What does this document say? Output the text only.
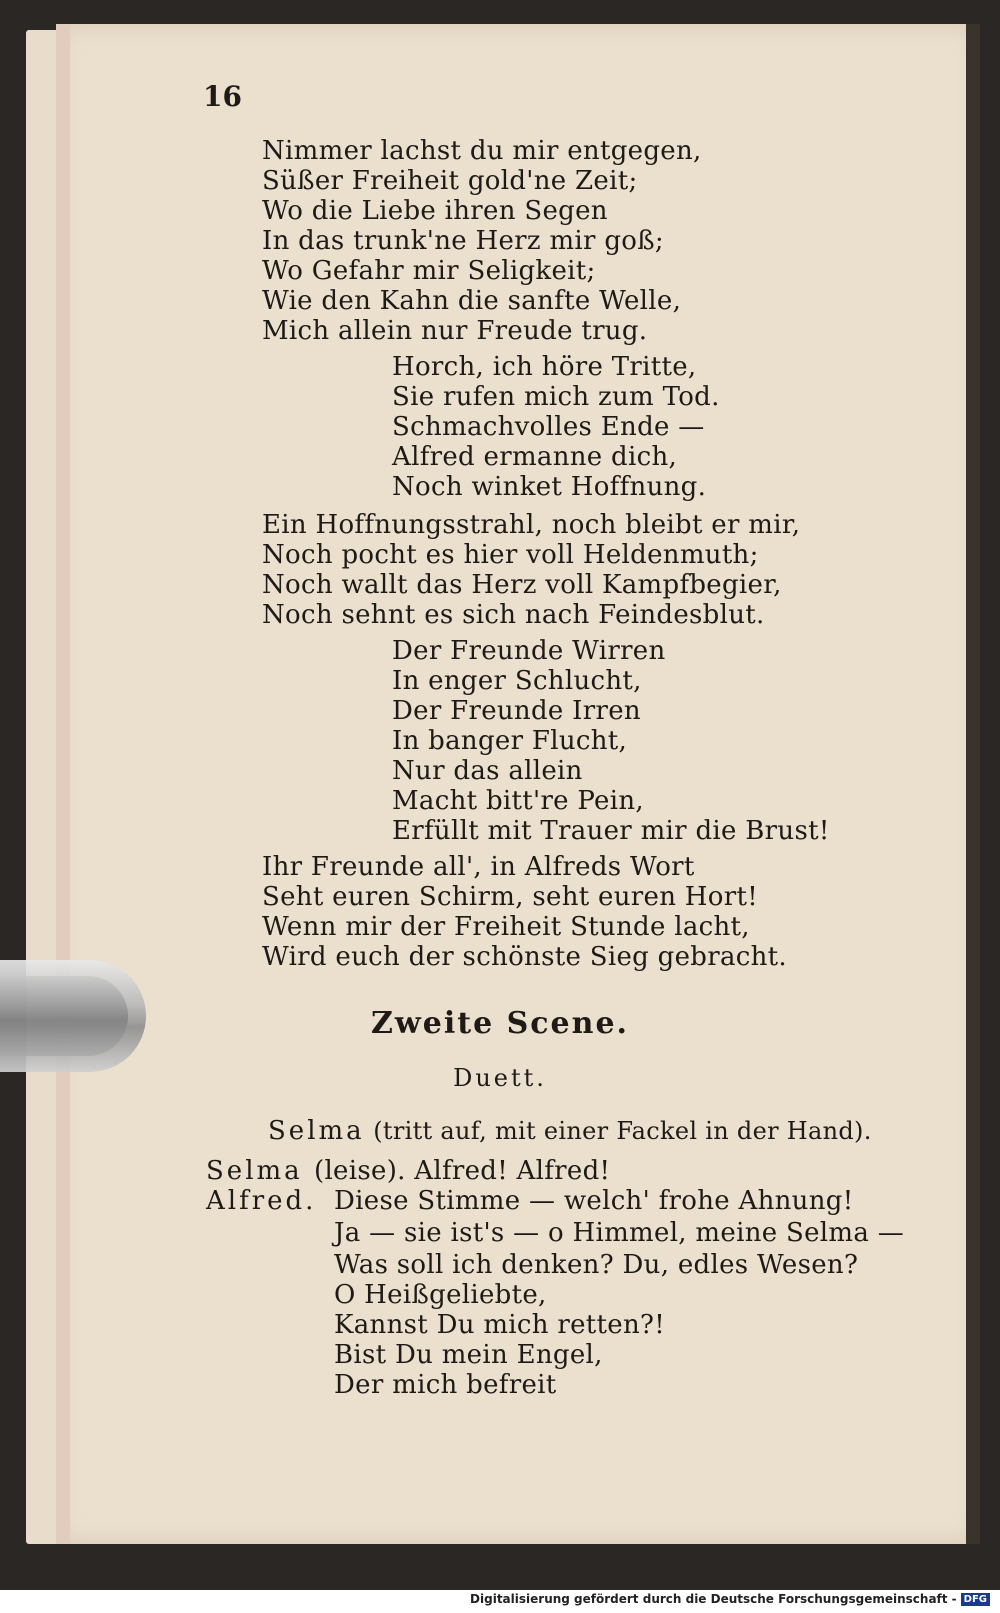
16
Nimmer lachst du mir entgegen,
Süßer Freiheit gold'ne Zeit;
Wo die Liebe ihren Segen
In das trunk'ne Herz mir goß;
Wo Gefahr mir Seligkeit;
Wie den Kahn die sanfte Welle,
Mich allein nur Freude trug.
Horch, ich höre Tritte,
Sie rufen mich zum Tod.
Schmachvolles Ende —
Alfred ermanne dich,
Noch winket Hoffnung.
Ein Hoffnungsstrahl, noch bleibt er mir,
Noch pocht es hier voll Heldenmuth;
Noch wallt das Herz voll Kampfbegier,
Noch sehnt es sich nach Feindesblut.
Der Freunde Wirren
In enger Schlucht,
Der Freunde Irren
In banger Flucht,
Nur das allein
Macht bitt're Pein,
Erfüllt mit Trauer mir die Brust!
Ihr Freunde all', in Alfreds Wort
Seht euren Schirm, seht euren Hort!
Wenn mir der Freiheit Stunde lacht,
Wird euch der schönste Sieg gebracht.
Zweite Scene.
Duett.
Selma (tritt auf, mit einer Fackel in der Hand).
Selma (leise). Alfred! Alfred!
Alfred. Diese Stimme — welch' frohe Ahnung!
Ja — sie ist's — o Himmel, meine Selma —
Was soll ich denken? Du, edles Wesen?
O Heißgeliebte,
Kannst Du mich retten?!
Bist Du mein Engel,
Der mich befreit
Digitalisierung gefördert durch die Deutsche Forschungsgemeinschaft - DFG
